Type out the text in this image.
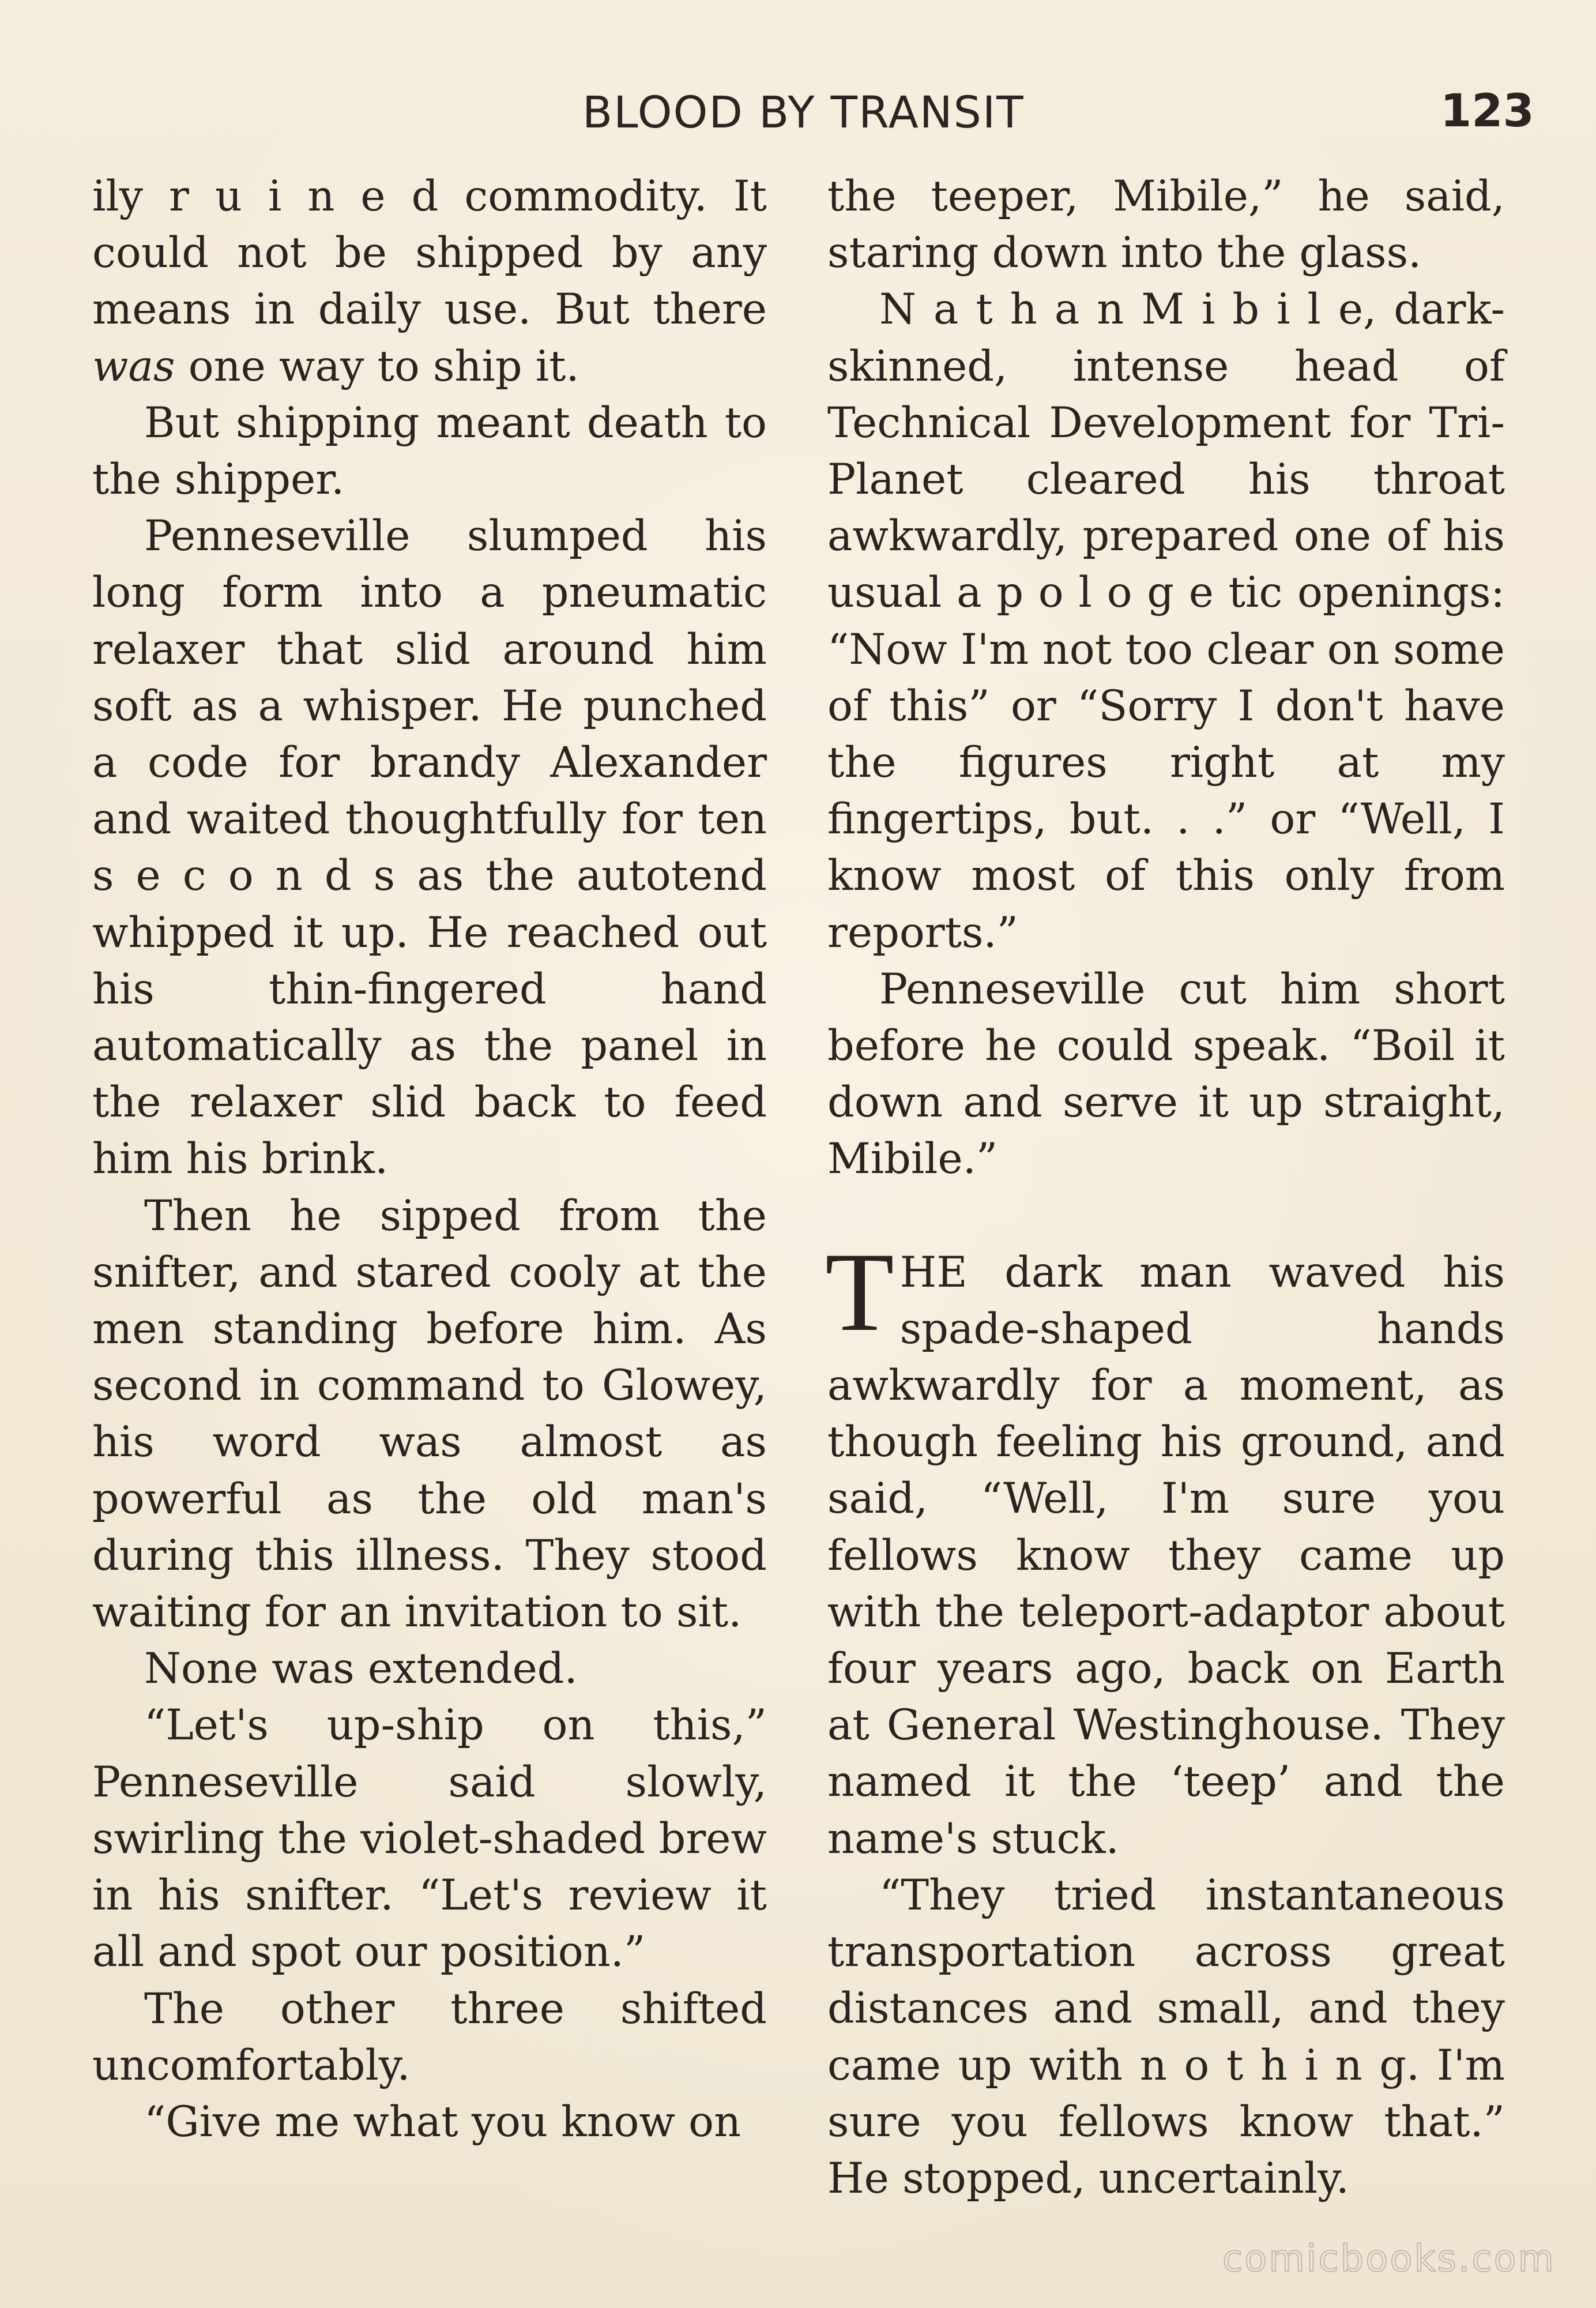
BLOOD BY TRANSIT	123

ily r u i n e d commodity. It could not be shipped by any means in daily use. But there was one way to ship it.

But shipping meant death to the shipper.

Penneseville slumped his long form into a pneumatic relaxer that slid around him soft as a whisper. He punched a code for brandy Alexander and waited thoughtfully for ten s e c o n d s as the autotend whipped it up. He reached out his thin-fingered hand automatically as the panel in the relaxer slid back to feed him his brink.

Then he sipped from the snifter, and stared cooly at the men standing before him. As second in command to Glowey, his word was almost as powerful as the old man's during this illness. They stood waiting for an invitation to sit.

None was extended.

“Let's up-ship on this,” Penneseville said slowly, swirling the violet-shaded brew in his snifter. “Let's review it all and spot our position.”

The other three shifted uncomfortably.

“Give me what you know on

the teeper, Mibile,” he said, staring down into the glass.

N a t h a n M i b i l e, dark-skinned, intense head of Technical Development for Tri-Planet cleared his throat awkwardly, prepared one of his usual a p o l o g e tic openings: “Now I'm not too clear on some of this” or “Sorry I don't have the figures right at my fingertips, but. . .” or “Well, I know most of this only from reports.”

Penneseville cut him short before he could speak. “Boil it down and serve it up straight, Mibile.”

THE dark man waved his spade-shaped hands awkwardly for a moment, as though feeling his ground, and said, “Well, I'm sure you fellows know they came up with the teleport-adaptor about four years ago, back on Earth at General Westinghouse. They named it the ‘teep’ and the name's stuck.

“They tried instantaneous transportation across great distances and small, and they came up with n o t h i n g. I'm sure you fellows know that.” He stopped, uncertainly.

comicbooks.com
